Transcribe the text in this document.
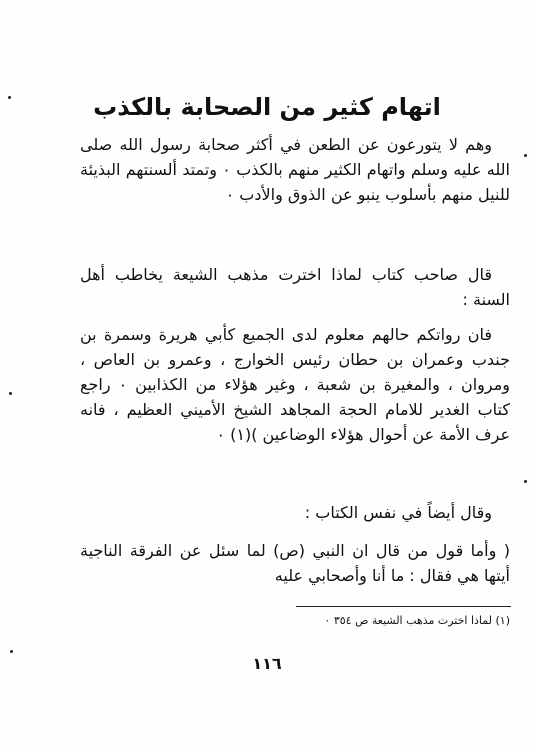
اتهام كثير من الصحابة بالكذب

وهم لا يتورعون عن الطعن في أكثر صحابة رسول الله صلى الله عليه وسلم واتهام الكثير منهم بالكذب ٠ وتمتد ألسنتهم البذيئة للنيل منهم بأسلوب ينبو عن الذوق والأدب ٠

قال صاحب كتاب لماذا اخترت مذهب الشيعة يخاطب أهل السنة :

فان رواتكم حالهم معلوم لدى الجميع كأبي هريرة وسمرة بن جندب وعمران بن حطان رئيس الخوارج ، وعمرو بن العاص ، ومروان ، والمغيرة بن شعبة ، وغير هؤلاء من الكذابين ٠ راجع كتاب الغدير للامام الحجة المجاهد الشيخ الأميني العظيم ، فانه عرف الأمة عن أحوال هؤلاء الوضاعين )(١) ٠

وقال أيضاً في نفس الكتاب :

( وأما قول من قال ان النبي (ص) لما سئل عن الفرقة الناجية أيتها هي فقال : ما أنا وأصحابي عليه

(١) لماذا اخترت مذهب الشيعة ص ٣٥٤ ٠
١١٦
